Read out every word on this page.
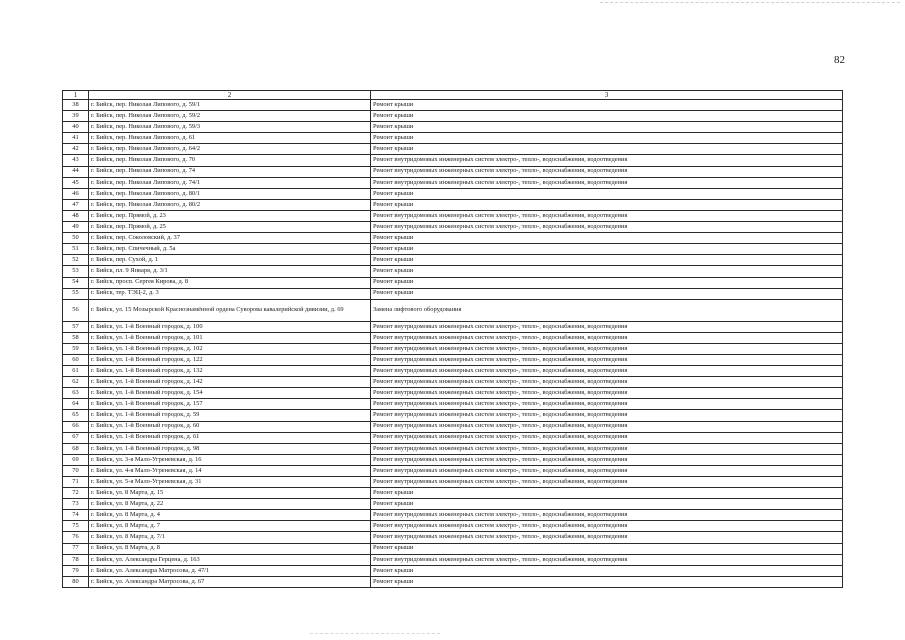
82
1	2	3
38	г. Бийск, пер. Николая Липового, д. 59/1	Ремонт крыши
39	г. Бийск, пер. Николая Липового, д. 59/2	Ремонт крыши
40	г. Бийск, пер. Николая Липового, д. 59/3	Ремонт крыши
41	г. Бийск, пер. Николая Липового, д. 61	Ремонт крыши
42	г. Бийск, пер. Николая Липового, д. 64/2	Ремонт крыши
43	г. Бийск, пер. Николая Липового, д. 70	Ремонт внутридомовых инженерных систем электро-, тепло-, водоснабжения, водоотведения
44	г. Бийск, пер. Николая Липового, д. 74	Ремонт внутридомовых инженерных систем электро-, тепло-, водоснабжения, водоотведения
45	г. Бийск, пер. Николая Липового, д. 74/1	Ремонт внутридомовых инженерных систем электро-, тепло-, водоснабжения, водоотведения
46	г. Бийск, пер. Николая Липового, д. 80/1	Ремонт крыши
47	г. Бийск, пер. Николая Липового, д. 80/2	Ремонт крыши
48	г. Бийск, пер. Прямой, д. 23	Ремонт внутридомовых инженерных систем электро-, тепло-, водоснабжения, водоотведения
49	г. Бийск, пер. Прямой, д. 25	Ремонт внутридомовых инженерных систем электро-, тепло-, водоснабжения, водоотведения
50	г. Бийск, пер. Соколовский, д. 37	Ремонт крыши
51	г. Бийск, пер. Спичечный, д. 5а	Ремонт крыши
52	г. Бийск, пер. Сухой, д. 1	Ремонт крыши
53	г. Бийск, пл. 9 Января, д. 3/1	Ремонт крыши
54	г. Бийск, просп. Сергея Кирова, д. 8	Ремонт крыши
55	г. Бийск, тер. ТЭЦ-2, д. 3	Ремонт крыши
56	г. Бийск, ул. 15 Мозырской Краснознамённой ордена Суворова кавалерийской дивизии, д. 69	Замена лифтового оборудования
57	г. Бийск, ул. 1-й Военный городок, д. 100	Ремонт внутридомовых инженерных систем электро-, тепло-, водоснабжения, водоотведения
58	г. Бийск, ул. 1-й Военный городок, д. 101	Ремонт внутридомовых инженерных систем электро-, тепло-, водоснабжения, водоотведения
59	г. Бийск, ул. 1-й Военный городок, д. 102	Ремонт внутридомовых инженерных систем электро-, тепло-, водоснабжения, водоотведения
60	г. Бийск, ул. 1-й Военный городок, д. 122	Ремонт внутридомовых инженерных систем электро-, тепло-, водоснабжения, водоотведения
61	г. Бийск, ул. 1-й Военный городок, д. 132	Ремонт внутридомовых инженерных систем электро-, тепло-, водоснабжения, водоотведения
62	г. Бийск, ул. 1-й Военный городок, д. 142	Ремонт внутридомовых инженерных систем электро-, тепло-, водоснабжения, водоотведения
63	г. Бийск, ул. 1-й Военный городок, д. 154	Ремонт внутридомовых инженерных систем электро-, тепло-, водоснабжения, водоотведения
64	г. Бийск, ул. 1-й Военный городок, д. 157	Ремонт внутридомовых инженерных систем электро-, тепло-, водоснабжения, водоотведения
65	г. Бийск, ул. 1-й Военный городок, д. 59	Ремонт внутридомовых инженерных систем электро-, тепло-, водоснабжения, водоотведения
66	г. Бийск, ул. 1-й Военный городок, д. 60	Ремонт внутридомовых инженерных систем электро-, тепло-, водоснабжения, водоотведения
67	г. Бийск, ул. 1-й Военный городок, д. 61	Ремонт внутридомовых инженерных систем электро-, тепло-, водоснабжения, водоотведения
68	г. Бийск, ул. 1-й Военный городок, д. 98	Ремонт внутридомовых инженерных систем электро-, тепло-, водоснабжения, водоотведения
69	г. Бийск, ул. 3-я Мало-Угреневская, д. 16	Ремонт внутридомовых инженерных систем электро-, тепло-, водоснабжения, водоотведения
70	г. Бийск, ул. 4-я Мало-Угреневская, д. 14	Ремонт внутридомовых инженерных систем электро-, тепло-, водоснабжения, водоотведения
71	г. Бийск, ул. 5-я Мало-Угреневская, д. 31	Ремонт внутридомовых инженерных систем электро-, тепло-, водоснабжения, водоотведения
72	г. Бийск, ул. 8 Марта, д. 15	Ремонт крыши
73	г. Бийск, ул. 8 Марта, д. 22	Ремонт крыши
74	г. Бийск, ул. 8 Марта, д. 4	Ремонт внутридомовых инженерных систем электро-, тепло-, водоснабжения, водоотведения
75	г. Бийск, ул. 8 Марта, д. 7	Ремонт внутридомовых инженерных систем электро-, тепло-, водоснабжения, водоотведения
76	г. Бийск, ул. 8 Марта, д. 7/1	Ремонт внутридомовых инженерных систем электро-, тепло-, водоснабжения, водоотведения
77	г. Бийск, ул. 8 Марта, д. 8	Ремонт крыши
78	г. Бийск, ул. Александра Герцена, д. 163	Ремонт внутридомовых инженерных систем электро-, тепло-, водоснабжения, водоотведения
79	г. Бийск, ул. Александра Матросова, д. 47/1	Ремонт крыши
80	г. Бийск, ул. Александра Матросова, д. 67	Ремонт крыши
